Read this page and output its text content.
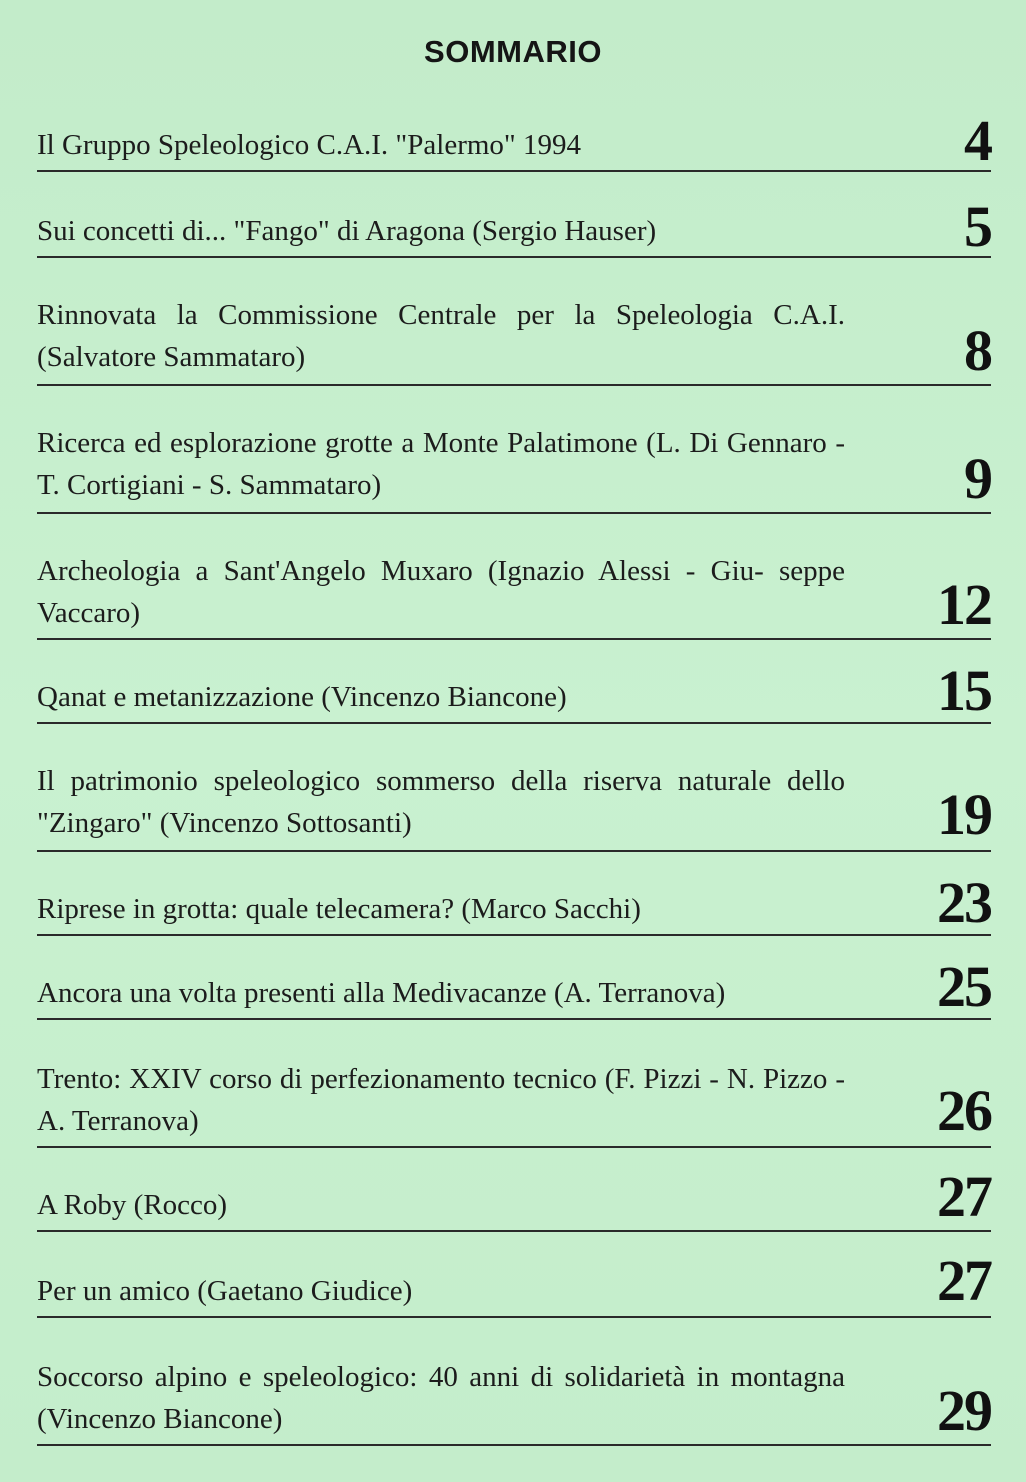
SOMMARIO
Il Gruppo Speleologico C.A.I. "Palermo" 1994	4
Sui concetti di... "Fango" di Aragona (Sergio Hauser)	5
Rinnovata la Commissione Centrale per la Speleologia C.A.I. (Salvatore Sammataro)	8
Ricerca ed esplorazione grotte a Monte Palatimone (L. Di Gennaro - T. Cortigiani - S. Sammataro)	9
Archeologia a Sant'Angelo Muxaro (Ignazio Alessi - Giu- seppe Vaccaro)	12
Qanat e metanizzazione (Vincenzo Biancone)	15
Il patrimonio speleologico sommerso della riserva naturale dello "Zingaro" (Vincenzo Sottosanti)	19
Riprese in grotta: quale telecamera? (Marco Sacchi)	23
Ancora una volta presenti alla Medivacanze (A. Terranova)	25
Trento: XXIV corso di perfezionamento tecnico (F. Pizzi - N. Pizzo - A. Terranova)	26
A Roby (Rocco)	27
Per un amico (Gaetano Giudice)	27
Soccorso alpino e speleologico: 40 anni di solidarietà in montagna (Vincenzo Biancone)	29
